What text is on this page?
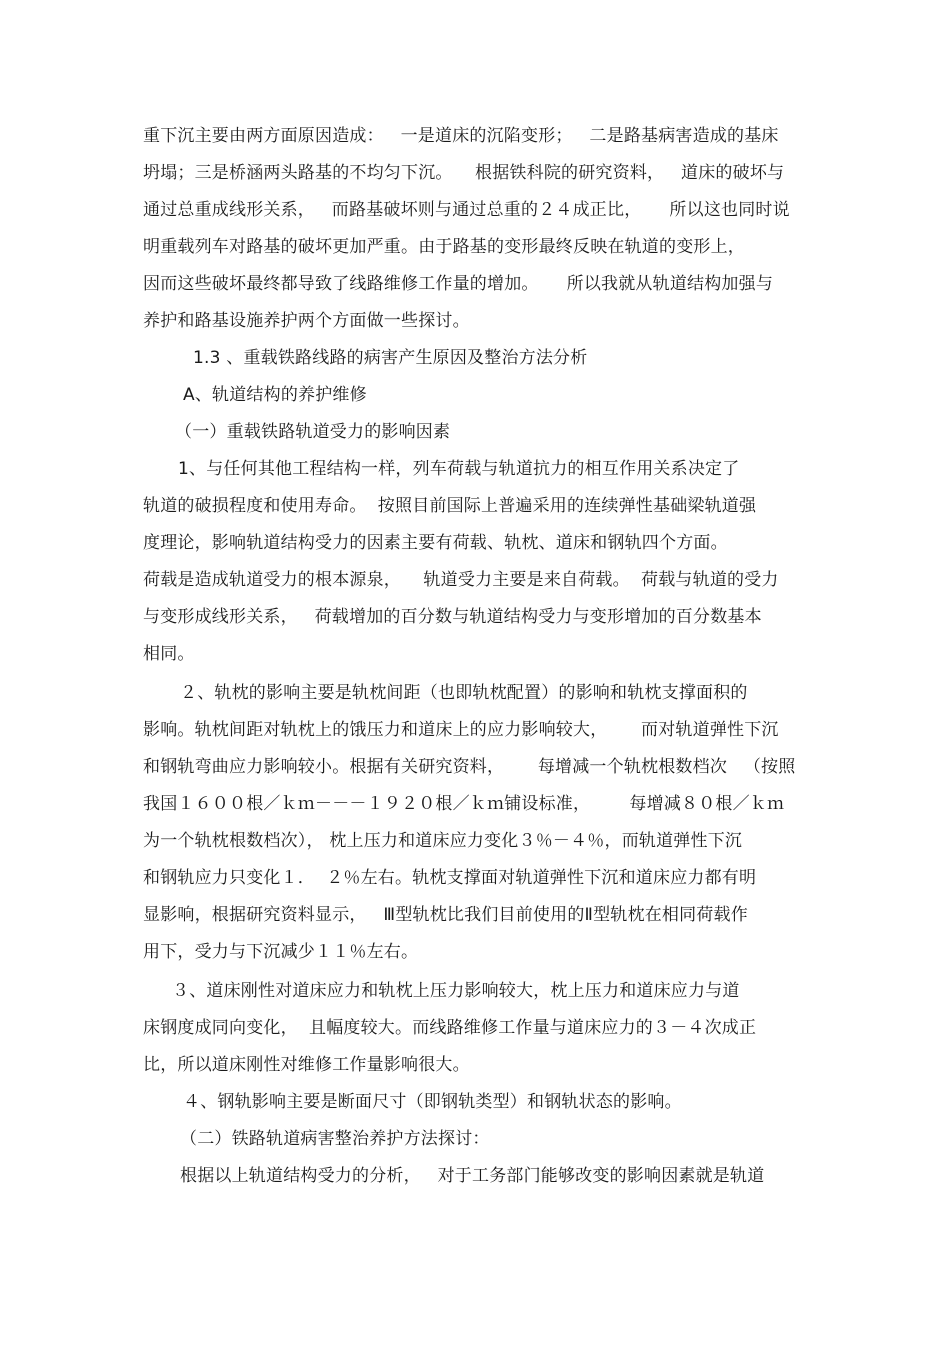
重下沉主要由两方面原因造成：   一是道床的沉陷变形；   二是路基病害造成的基床
坍塌；三是桥涵两头路基的不均匀下沉。    根据铁科院的研究资料，   道床的破坏与
通过总重成线形关系，   而路基破坏则与通过总重的２４成正比，     所以这也同时说
明重载列车对路基的破坏更加严重。由于路基的变形最终反映在轨道的变形上，
因而这些破坏最终都导致了线路维修工作量的增加。     所以我就从轨道结构加强与
养护和路基设施养护两个方面做一些探讨。
1.3 、重载铁路线路的病害产生原因及整治方法分析
A、轨道结构的养护维修
（一）重载铁路轨道受力的影响因素
1、与任何其他工程结构一样，列车荷载与轨道抗力的相互作用关系决定了
轨道的破损程度和使用寿命。  按照目前国际上普遍采用的连续弹性基础梁轨道强
度理论，影响轨道结构受力的因素主要有荷载、轨枕、道床和钢轨四个方面。
荷载是造成轨道受力的根本源泉，    轨道受力主要是来自荷载。  荷载与轨道的受力
与变形成线形关系，   荷载增加的百分数与轨道结构受力与变形增加的百分数基本
相同。
２、轨枕的影响主要是轨枕间距（也即轨枕配置）的影响和轨枕支撑面积的
影响。轨枕间距对轨枕上的饿压力和道床上的应力影响较大，      而对轨道弹性下沉
和钢轨弯曲应力影响较小。根据有关研究资料，      每增减一个轨枕根数档次   （按照
我国１６００根／ｋｍ－－－１９２０根／ｋｍ铺设标准，       每增减８０根／ｋｍ
为一个轨枕根数档次）， 枕上压力和道床应力变化３％－４％，而轨道弹性下沉
和钢轨应力只变化１．  ２％左右。轨枕支撑面对轨道弹性下沉和道床应力都有明
显影响，根据研究资料显示，   Ⅲ型轨枕比我们目前使用的Ⅱ型轨枕在相同荷载作
用下，受力与下沉减少１１％左右。
３、道床刚性对道床应力和轨枕上压力影响较大，枕上压力和道床应力与道
床钢度成同向变化，  且幅度较大。而线路维修工作量与道床应力的３－４次成正
比，所以道床刚性对维修工作量影响很大。
４、钢轨影响主要是断面尺寸（即钢轨类型）和钢轨状态的影响。
（二）铁路轨道病害整治养护方法探讨：
根据以上轨道结构受力的分析，   对于工务部门能够改变的影响因素就是轨道
